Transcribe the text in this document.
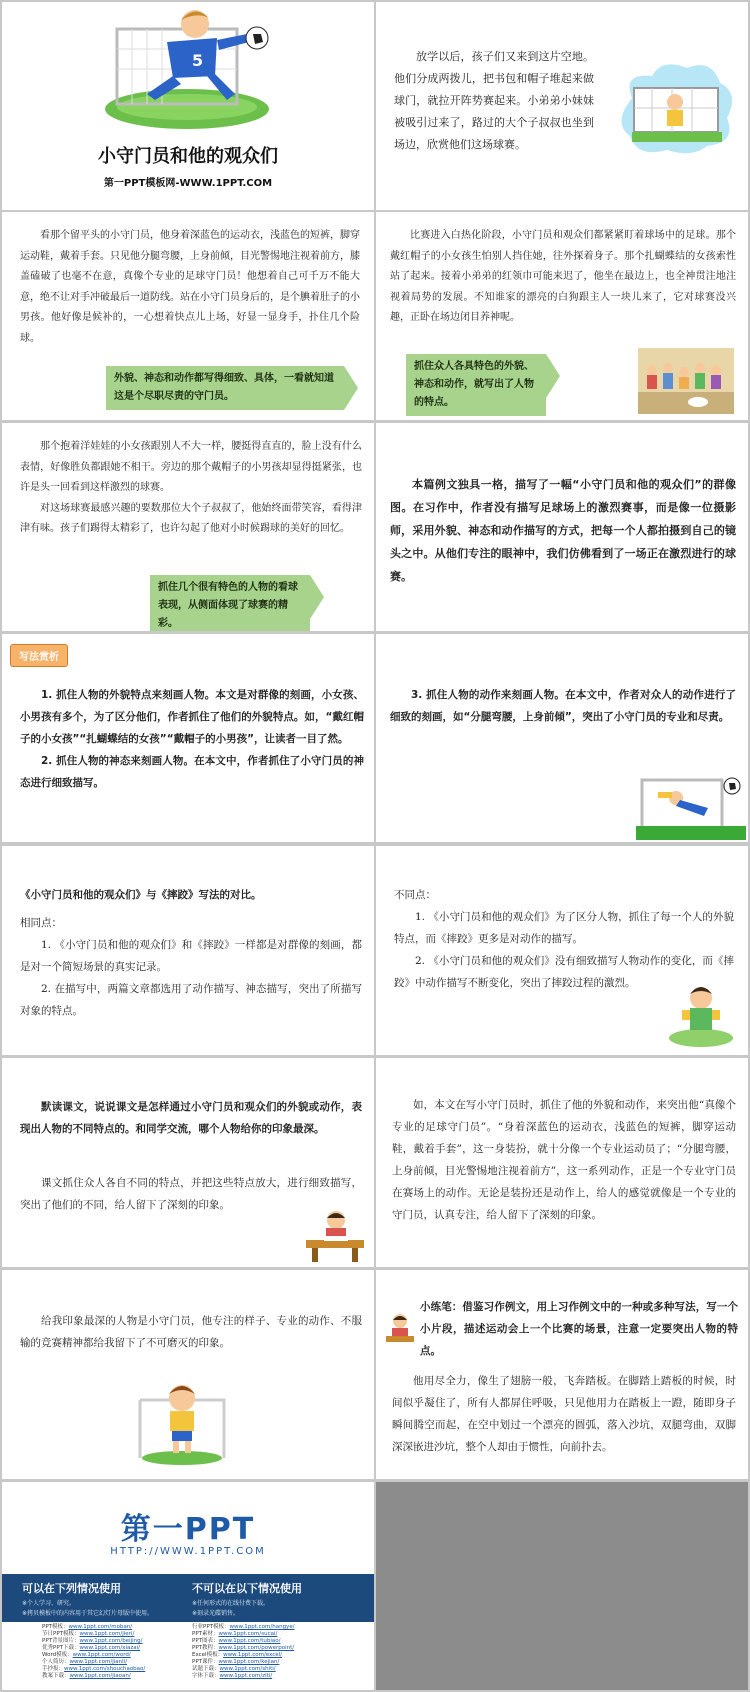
5
小守门员和他的观众们
第一PPT模板网-WWW.1PPT.COM

放学以后，孩子们又来到这片空地。他们分成两拨儿，把书包和帽子堆起来做球门，就拉开阵势赛起来。小弟弟小妹妹被吸引过来了，路过的大个子叔叔也坐到场边，欣赏他们这场球赛。

看那个留平头的小守门员，他身着深蓝色的运动衣，浅蓝色的短裤，脚穿运动鞋，戴着手套。只见他分腿弯腰，上身前倾，目光警惕地注视着前方，膝盖磕破了也毫不在意，真像个专业的足球守门员！他想着自己可千万不能大意，绝不让对手冲破最后一道防线。站在小守门员身后的，是个腆着肚子的小男孩。他好像是候补的，一心想着快点儿上场，好显一显身手，扑住几个险球。

外貌、神态和动作都写得细致、具体，一看就知道这是个尽职尽责的守门员。

比赛进入白热化阶段，小守门员和观众们都紧紧盯着球场中的足球。那个戴红帽子的小女孩生怕别人挡住她，往外探着身子。那个扎蝴蝶结的女孩索性站了起来。接着小弟弟的红领巾可能来迟了，他坐在最边上，也全神贯注地注视着局势的发展。不知谁家的漂亮的白狗跟主人一块儿来了，它对球赛没兴趣，正卧在场边闭目养神呢。

抓住众人各具特色的外貌、神态和动作，就写出了人物的特点。

那个抱着洋娃娃的小女孩跟别人不大一样，腰挺得直直的，脸上没有什么表情，好像胜负都跟她不相干。旁边的那个戴帽子的小男孩却显得挺紧张，也许是头一回看到这样激烈的球赛。

对这场球赛最感兴趣的要数那位大个子叔叔了，他始终面带笑容，看得津津有味。孩子们踢得太精彩了，也许勾起了他对小时候踢球的美好的回忆。

抓住几个很有特色的人物的看球表现，从侧面体现了球赛的精彩。

本篇例文独具一格，描写了一幅“小守门员和他的观众们”的群像图。在习作中，作者没有描写足球场上的激烈赛事，而是像一位摄影师，采用外貌、神态和动作描写的方式，把每一个人都拍摄到自己的镜头之中。从他们专注的眼神中，我们仿佛看到了一场正在激烈进行的球赛。

写法赏析

1. 抓住人物的外貌特点来刻画人物。本文是对群像的刻画，小女孩、小男孩有多个，为了区分他们，作者抓住了他们的外貌特点。如，“戴红帽子的小女孩”“扎蝴蝶结的女孩”“戴帽子的小男孩”，让读者一目了然。

2. 抓住人物的神态来刻画人物。在本文中，作者抓住了小守门员的神态进行细致描写。

3. 抓住人物的动作来刻画人物。在本文中，作者对众人的动作进行了细致的刻画，如“分腿弯腰，上身前倾”，突出了小守门员的专业和尽责。

《小守门员和他的观众们》与《摔跤》写法的对比。

相同点：

1. 《小守门员和他的观众们》和《摔跤》一样都是对群像的刻画，都是对一个简短场景的真实记录。

2. 在描写中，两篇文章都选用了动作描写、神态描写，突出了所描写对象的特点。

不同点：

1. 《小守门员和他的观众们》为了区分人物，抓住了每一个人的外貌特点，而《摔跤》更多是对动作的描写。

2. 《小守门员和他的观众们》没有细致描写人物动作的变化，而《摔跤》中动作描写不断变化，突出了摔跤过程的激烈。

默读课文，说说课文是怎样通过小守门员和观众们的外貌或动作，表现出人物的不同特点的。和同学交流，哪个人物给你的印象最深。

课文抓住众人各自不同的特点，并把这些特点放大，进行细致描写，突出了他们的不同，给人留下了深刻的印象。

如，本文在写小守门员时，抓住了他的外貌和动作，来突出他“真像个专业的足球守门员”。“身着深蓝色的运动衣，浅蓝色的短裤，脚穿运动鞋，戴着手套”，这一身装扮，就十分像一个专业运动员了；“分腿弯腰，上身前倾，目光警惕地注视着前方”，这一系列动作，正是一个专业守门员在赛场上的动作。无论是装扮还是动作上，给人的感觉就像是一个专业的守门员，认真专注，给人留下了深刻的印象。

给我印象最深的人物是小守门员，他专注的样子、专业的动作、不服输的竞赛精神都给我留下了不可磨灭的印象。

小练笔：借鉴习作例文，用上习作例文中的一种或多种写法，写一个小片段，描述运动会上一个比赛的场景，注意一定要突出人物的特点。

他用尽全力，像生了翅膀一般，飞奔踏板。在脚踏上踏板的时候，时间似乎凝住了，所有人都屏住呼吸，只见他用力在踏板上一蹬，随即身子瞬间腾空而起，在空中划过一个漂亮的圆弧，落入沙坑，双腿弯曲，双脚深深嵌进沙坑，整个人却由于惯性，向前扑去。

第一PPT
HTTP://WWW.1PPT.COM
可以在下列情况使用
※个人学习、研究。
※拷贝模板中的内容用于其它幻灯片母版中使用。
不可以在以下情况使用
※任何形式的在线付费下载。
※刻录光碟销售。
PPT模板：www.1ppt.com/moban/
节日PPT模板：www.1ppt.com/jieri/
PPT背景图片：www.1ppt.com/beijing/
优秀PPT下载：www.1ppt.com/xiazai/
Word模板：www.1ppt.com/word/
个人简历：www.1ppt.com/jianli/
手抄报：www.1ppt.com/shouchaobao/
教案下载：www.1ppt.com/jiaoan/
行业PPT模板：www.1ppt.com/hangye/
PPT素材：www.1ppt.com/sucai/
PPT图表：www.1ppt.com/tubiao/
PPT教程：www.1ppt.com/powerpoint/
Excel模板：www.1ppt.com/excel/
PPT课件：www.1ppt.com/kejian/
试题下载：www.1ppt.com/shiti/
字体下载：www.1ppt.com/ziti/
